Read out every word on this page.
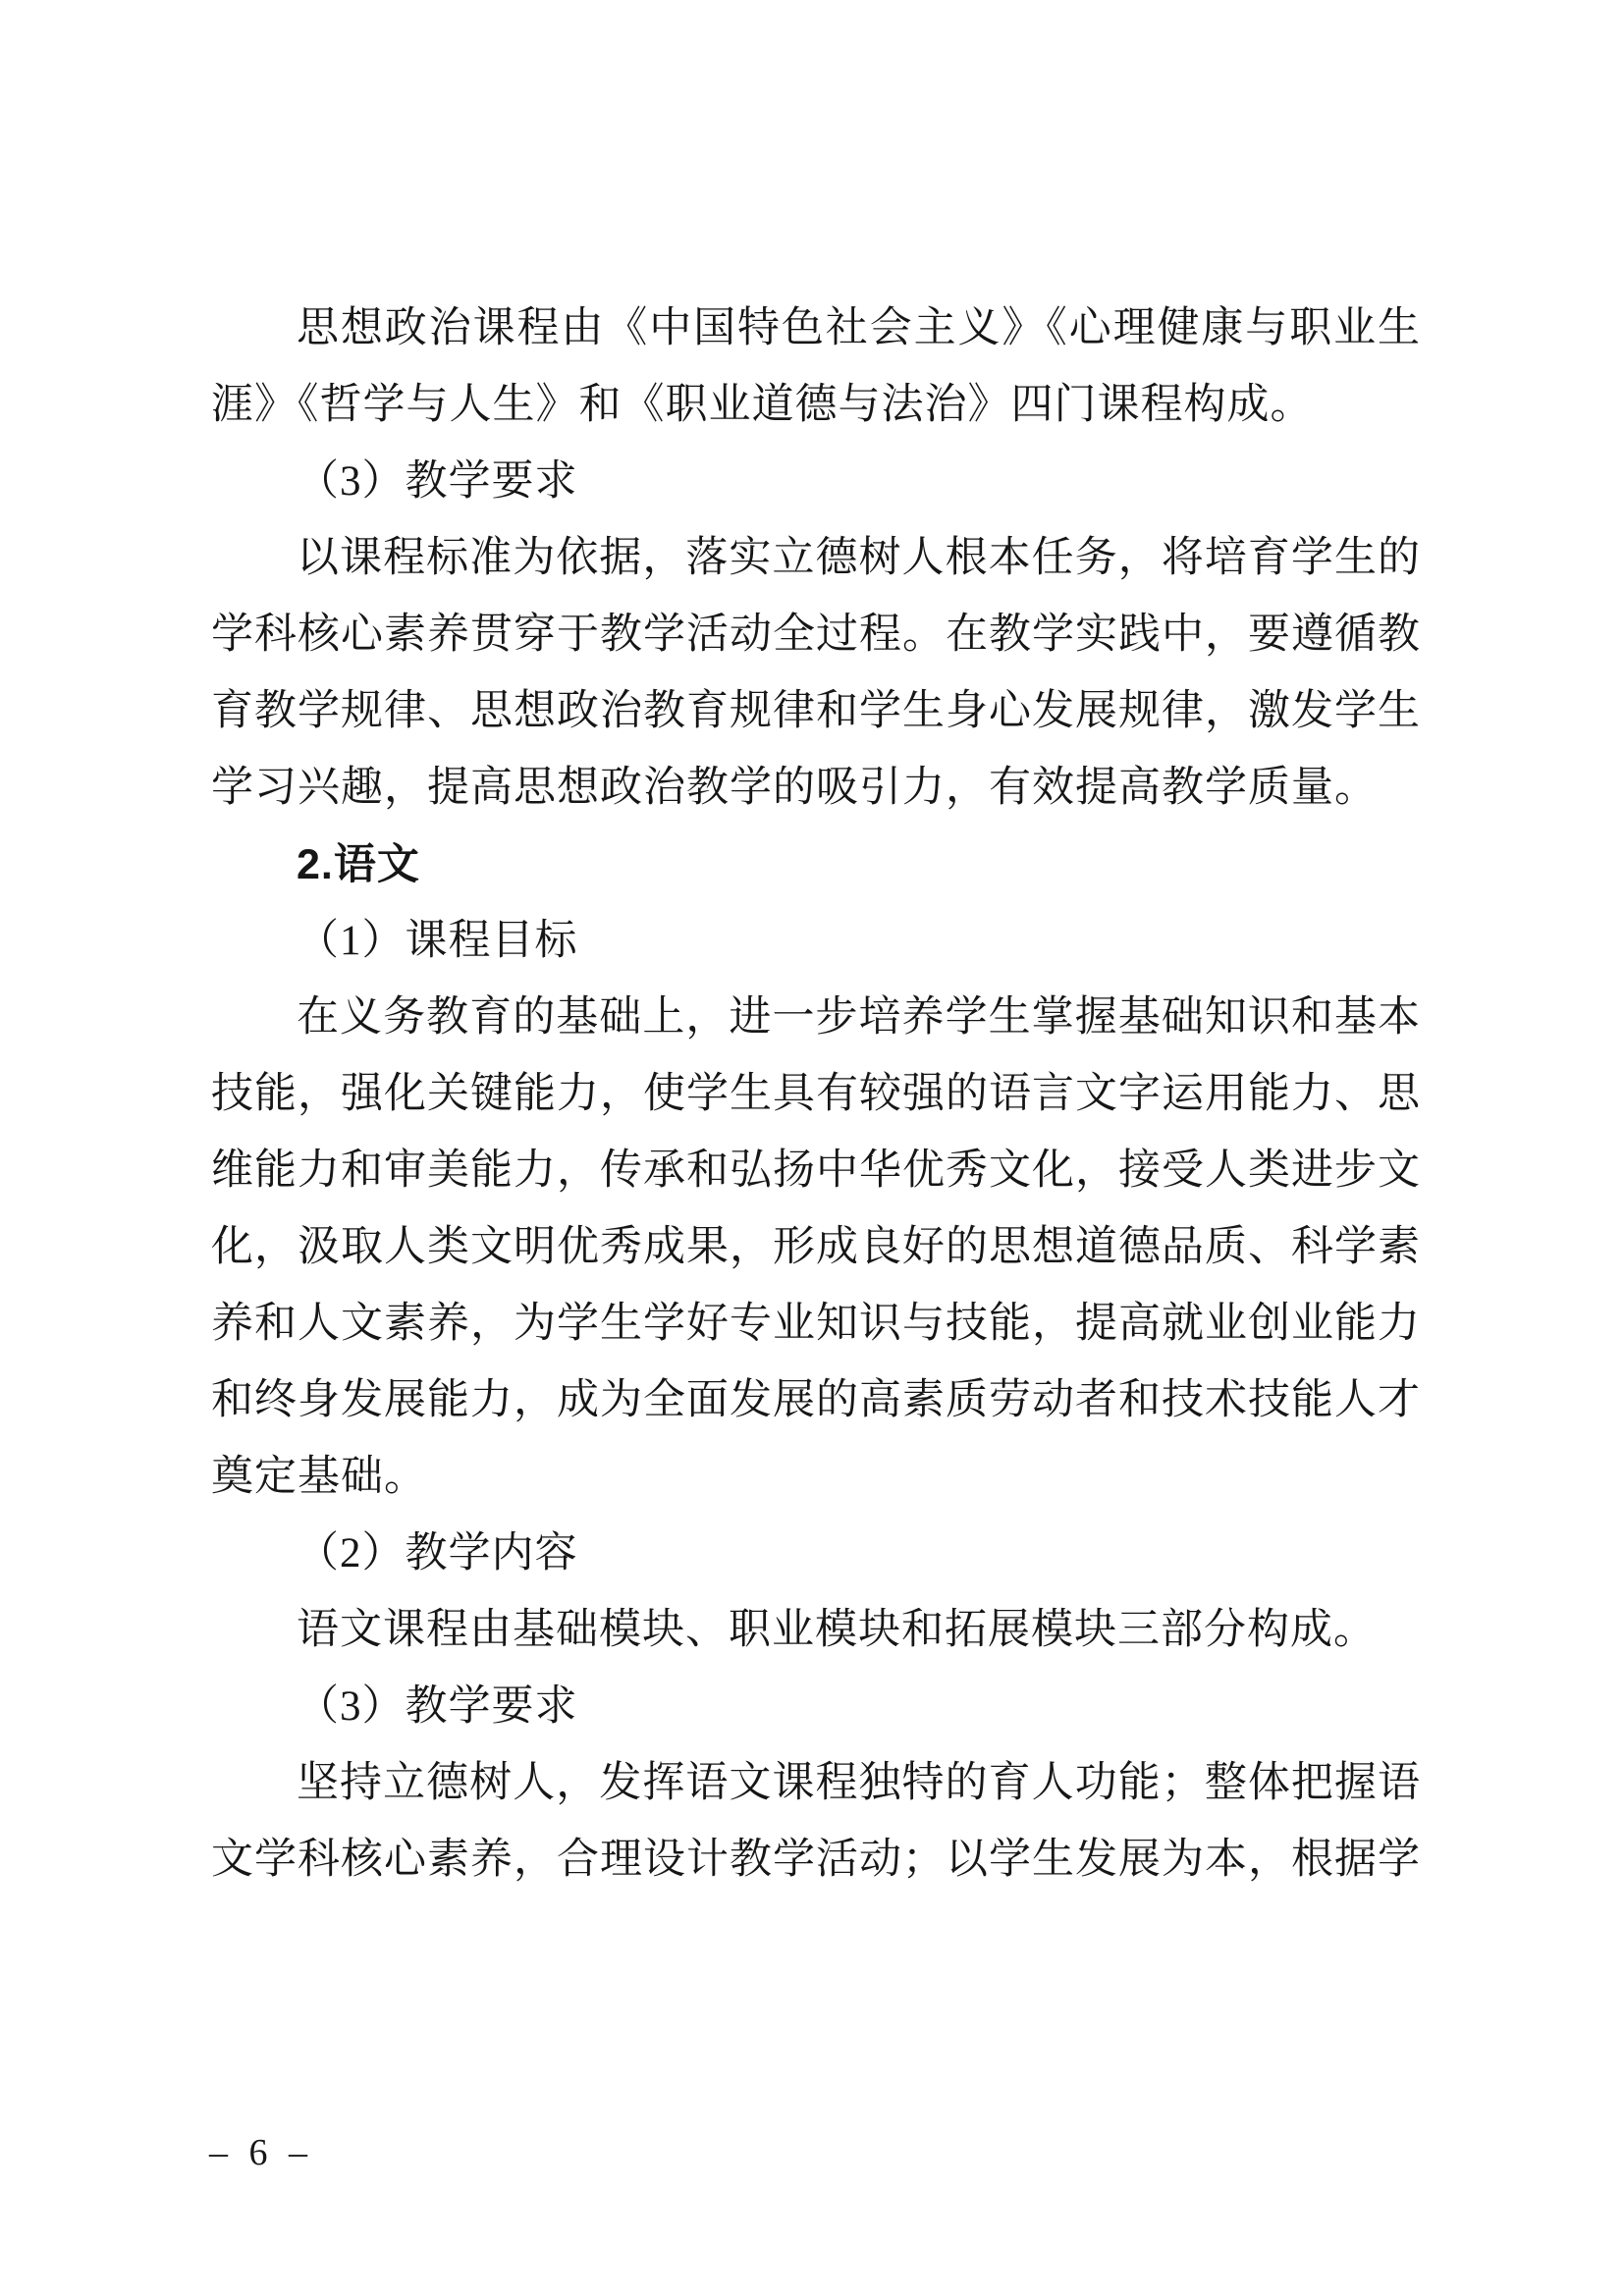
思想政治课程由《中国特色社会主义》《心理健康与职业生
涯》《哲学与人生》和《职业道德与法治》四门课程构成。
（3）教学要求
以课程标准为依据，落实立德树人根本任务，将培育学生的
学科核心素养贯穿于教学活动全过程。在教学实践中，要遵循教
育教学规律、思想政治教育规律和学生身心发展规律，激发学生
学习兴趣，提高思想政治教学的吸引力，有效提高教学质量。
2.语文
（1）课程目标
在义务教育的基础上，进一步培养学生掌握基础知识和基本
技能，强化关键能力，使学生具有较强的语言文字运用能力、思
维能力和审美能力，传承和弘扬中华优秀文化，接受人类进步文
化，汲取人类文明优秀成果，形成良好的思想道德品质、科学素
养和人文素养，为学生学好专业知识与技能，提高就业创业能力
和终身发展能力，成为全面发展的高素质劳动者和技术技能人才
奠定基础。
（2）教学内容
语文课程由基础模块、职业模块和拓展模块三部分构成。
（3）教学要求
坚持立德树人，发挥语文课程独特的育人功能；整体把握语
文学科核心素养，合理设计教学活动；以学生发展为本，根据学
– 6 –
